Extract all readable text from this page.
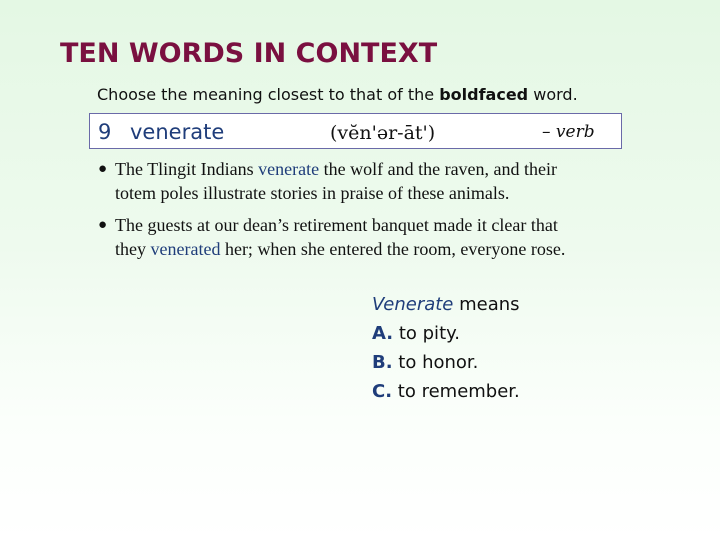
TEN WORDS IN CONTEXT
Choose the meaning closest to that of the boldfaced word.
9 venerate	(vĕn'ər-āt')	– verb
● The Tlingit Indians venerate the wolf and the raven, and their
totem poles illustrate stories in praise of these animals.
● The guests at our dean’s retirement banquet made it clear that
they venerated her; when she entered the room, everyone rose.
Venerate means
A. to pity.
B. to honor.
C. to remember.
